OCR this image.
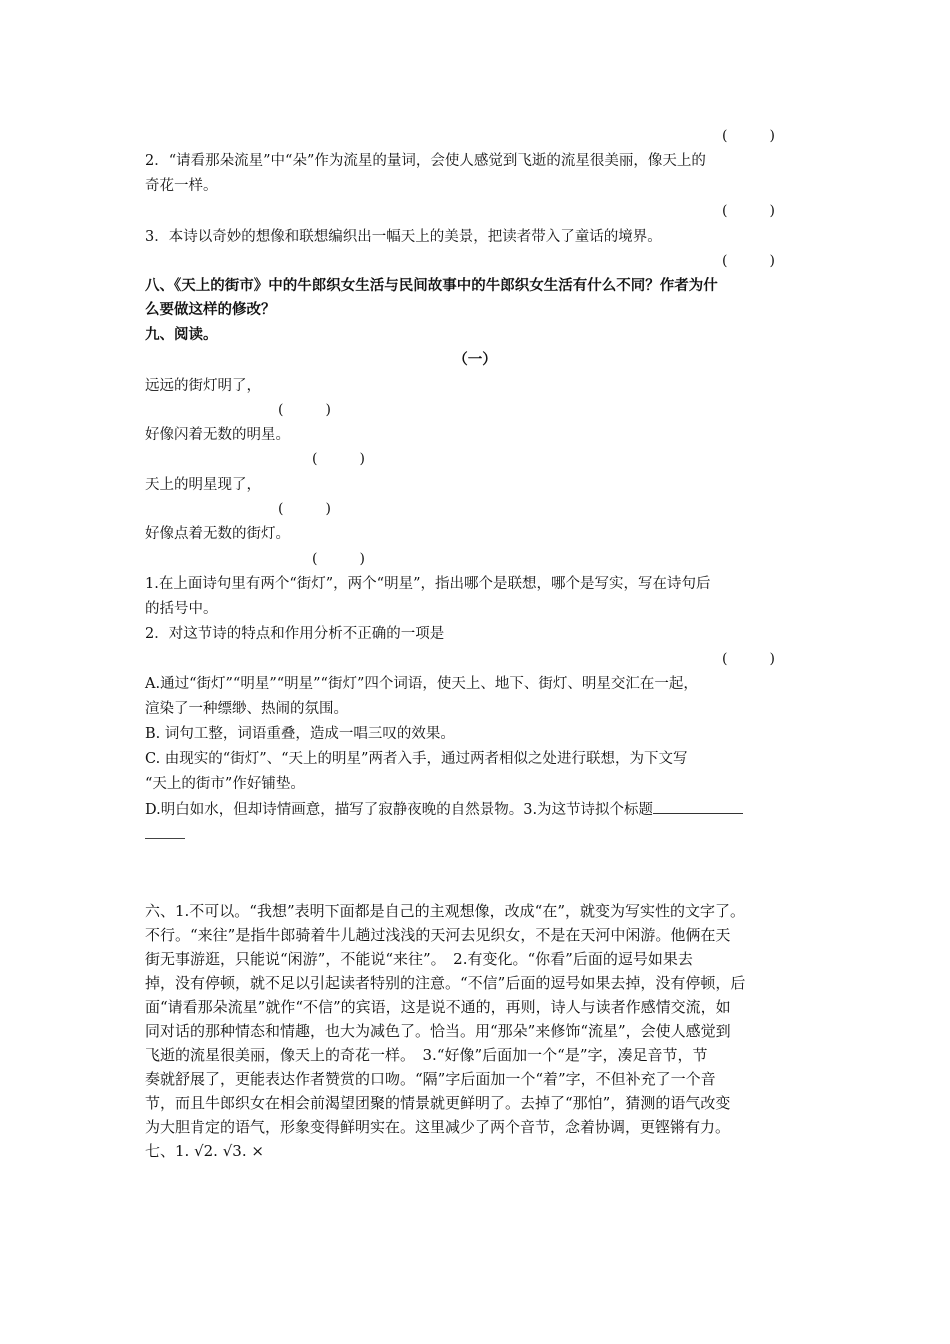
(　　　)
2．“请看那朵流星”中“朵”作为流星的量词，会使人感觉到飞逝的流星很美丽，像天上的
奇花一样。
(　　　)
3．本诗以奇妙的想像和联想编织出一幅天上的美景，把读者带入了童话的境界。
(　　　)
八、《天上的街市》中的牛郎织女生活与民间故事中的牛郎织女生活有什么不同？作者为什
么要做这样的修改？
九、阅读。
（一）
远远的街灯明了，
(　　　)
好像闪着无数的明星。
(　　　)
天上的明星现了，
(　　　)
好像点着无数的街灯。
(　　　)
1.在上面诗句里有两个“街灯”，两个“明星”，指出哪个是联想，哪个是写实，写在诗句后
的括号中。
2．对这节诗的特点和作用分析不正确的一项是
(　　　)
A.通过“街灯”“明星”“明星”“街灯”四个词语，使天上、地下、街灯、明星交汇在一起，
渲染了一种缥缈、热闹的氛围。
B. 词句工整，词语重叠，造成一唱三叹的效果。
C. 由现实的“街灯”、“天上的明星”两者入手，通过两者相似之处进行联想，为下文写
“天上的街市”作好铺垫。
D.明白如水，但却诗情画意，描写了寂静夜晚的自然景物。3.为这节诗拟个标题
六、1.不可以。“我想”表明下面都是自己的主观想像，改成“在”，就变为写实性的文字了。
不行。“来往”是指牛郎骑着牛儿趟过浅浅的天河去见织女，不是在天河中闲游。他俩在天
街无事游逛，只能说“闲游”，不能说“来往”。　2.有变化。“你看”后面的逗号如果去
掉，没有停顿，就不足以引起读者特别的注意。“不信”后面的逗号如果去掉，没有停顿，后
面“请看那朵流星”就作“不信”的宾语，这是说不通的，再则，诗人与读者作感情交流，如
同对话的那种情态和情趣，也大为减色了。恰当。用“那朵”来修饰“流星”，会使人感觉到
飞逝的流星很美丽，像天上的奇花一样。　3.“好像”后面加一个“是”字，凑足音节，节
奏就舒展了，更能表达作者赞赏的口吻。“隔”字后面加一个“着”字，不但补充了一个音
节，而且牛郎织女在相会前渴望团聚的情景就更鲜明了。去掉了“那怕”，猜测的语气改变
为大胆肯定的语气，形象变得鲜明实在。这里减少了两个音节，念着协调，更铿锵有力。
七、1. √2. √3. ×
